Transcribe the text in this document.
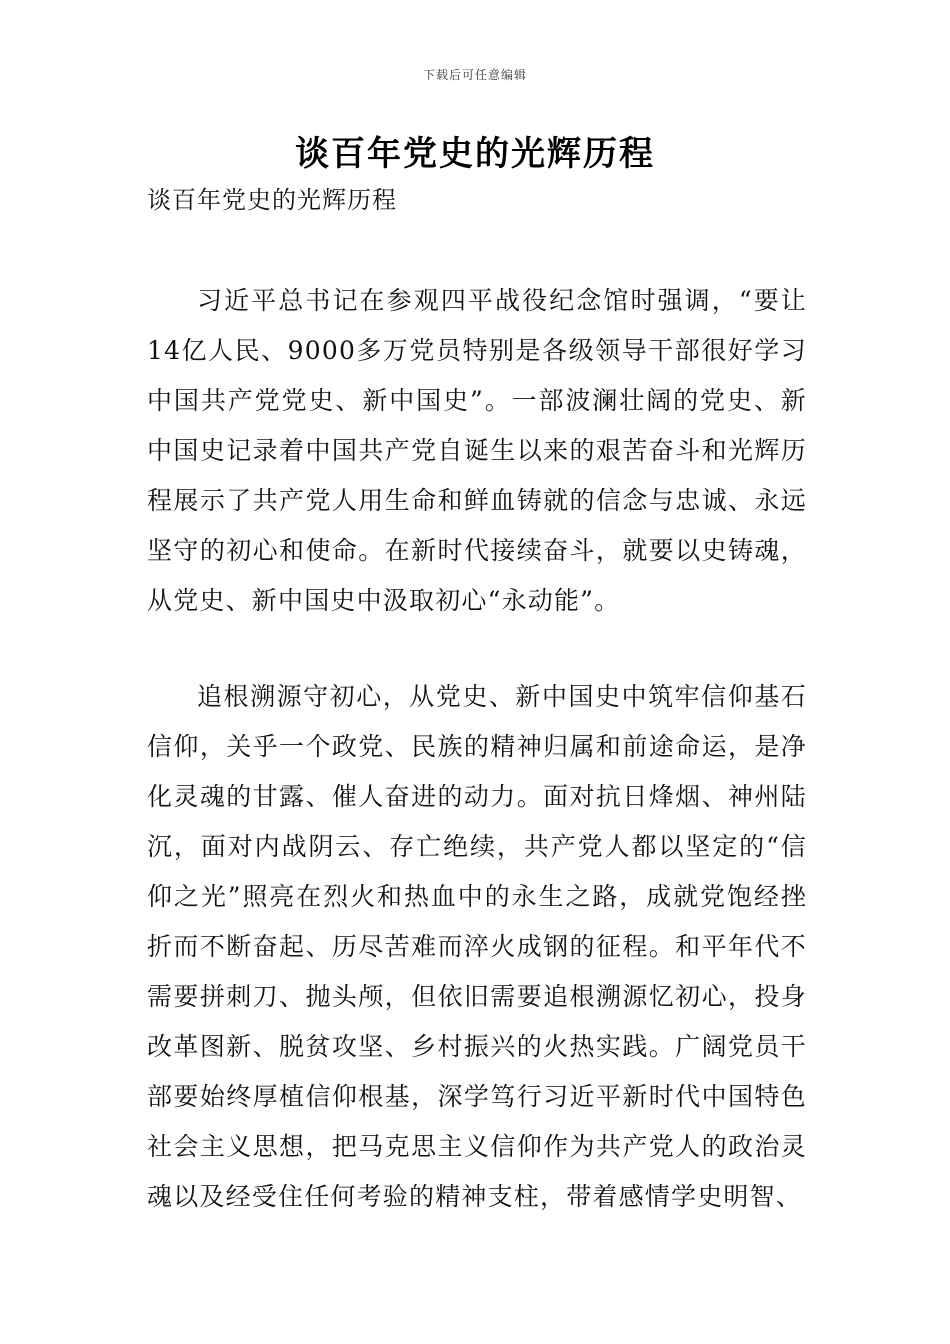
下载后可任意编辑
谈百年党史的光辉历程
谈百年党史的光辉历程

习近平总书记在参观四平战役纪念馆时强调，“要让14亿人民、9000多万党员特别是各级领导干部很好学习中国共产党党史、新中国史”。一部波澜壮阔的党史、新中国史记录着中国共产党自诞生以来的艰苦奋斗和光辉历程展示了共产党人用生命和鲜血铸就的信念与忠诚、永远坚守的初心和使命。在新时代接续奋斗，就要以史铸魂，从党史、新中国史中汲取初心“永动能”。

追根溯源守初心，从党史、新中国史中筑牢信仰基石信仰，关乎一个政党、民族的精神归属和前途命运，是净化灵魂的甘露、催人奋进的动力。面对抗日烽烟、神州陆沉，面对内战阴云、存亡绝续，共产党人都以坚定的“信仰之光”照亮在烈火和热血中的永生之路，成就党饱经挫折而不断奋起、历尽苦难而淬火成钢的征程。和平年代不需要拼刺刀、抛头颅，但依旧需要追根溯源忆初心，投身改革图新、脱贫攻坚、乡村振兴的火热实践。广阔党员干部要始终厚植信仰根基，深学笃行习近平新时代中国特色社会主义思想，把马克思主义信仰作为共产党人的政治灵魂以及经受住任何考验的精神支柱，带着感情学史明智、
